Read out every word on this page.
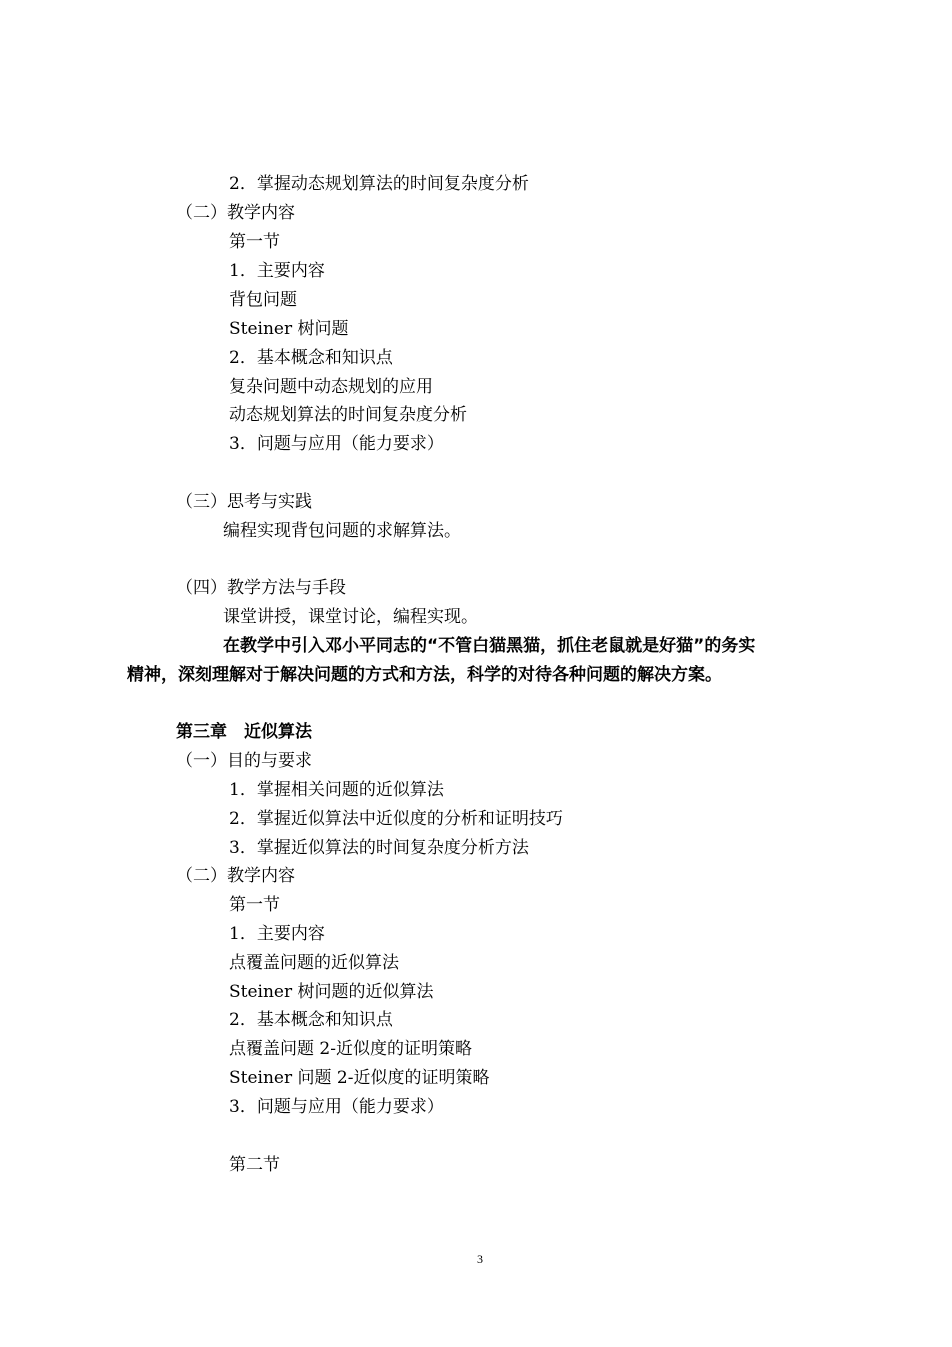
2．掌握动态规划算法的时间复杂度分析
（二）教学内容
第一节
1．主要内容
背包问题
Steiner 树问题
2．基本概念和知识点
复杂问题中动态规划的应用
动态规划算法的时间复杂度分析
3．问题与应用（能力要求）
（三）思考与实践
编程实现背包问题的求解算法。
（四）教学方法与手段
课堂讲授，课堂讨论，编程实现。
在教学中引入邓小平同志的“不管白猫黑猫，抓住老鼠就是好猫”的务实
精神，深刻理解对于解决问题的方式和方法，科学的对待各种问题的解决方案。
第三章　近似算法
（一）目的与要求
1．掌握相关问题的近似算法
2．掌握近似算法中近似度的分析和证明技巧
3．掌握近似算法的时间复杂度分析方法
（二）教学内容
第一节
1．主要内容
点覆盖问题的近似算法
Steiner 树问题的近似算法
2．基本概念和知识点
点覆盖问题 2-近似度的证明策略
Steiner 问题 2-近似度的证明策略
3．问题与应用（能力要求）
第二节
3
